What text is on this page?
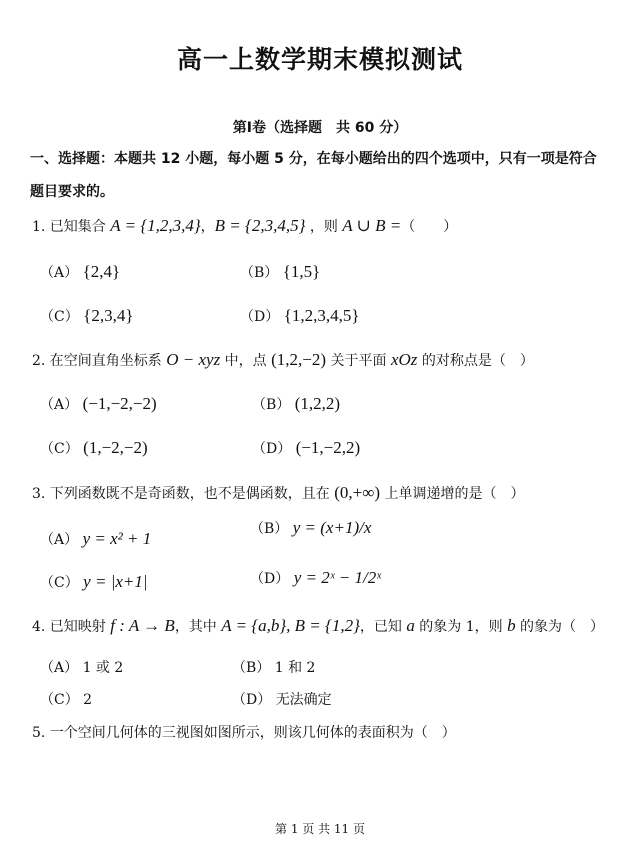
高一上数学期末模拟测试
第Ⅰ卷（选择题　共 60 分）
一、选择题：本题共 12 小题，每小题 5 分，在每小题给出的四个选项中，只有一项是符合
题目要求的。
1. 已知集合 A = {1,2,3,4}，B = {2,3,4,5} ，则 A ∪ B =（　　）
（A） {2,4}	（B） {1,5}
（C） {2,3,4}	（D） {1,2,3,4,5}
2. 在空间直角坐标系 O − xyz 中，点 (1,2,−2) 关于平面 xOz 的对称点是（　）
（A） (−1,−2,−2)	（B） (1,2,2)
（C） (1,−2,−2)	（D） (−1,−2,2)
3. 下列函数既不是奇函数，也不是偶函数，且在 (0,+∞) 上单调递增的是（　）
（A） y = x² + 1	（B） y = (x+1)/x
（C） y = |x+1|	（D） y = 2ˣ − 1/2ˣ
4. 已知映射 f : A → B，其中 A = {a,b}, B = {1,2}，已知 a 的象为 1，则 b 的象为（　）
（A） 1 或 2	（B） 1 和 2
（C） 2	（D） 无法确定
5. 一个空间几何体的三视图如图所示，则该几何体的表面积为（　）
第 1 页 共 11 页
